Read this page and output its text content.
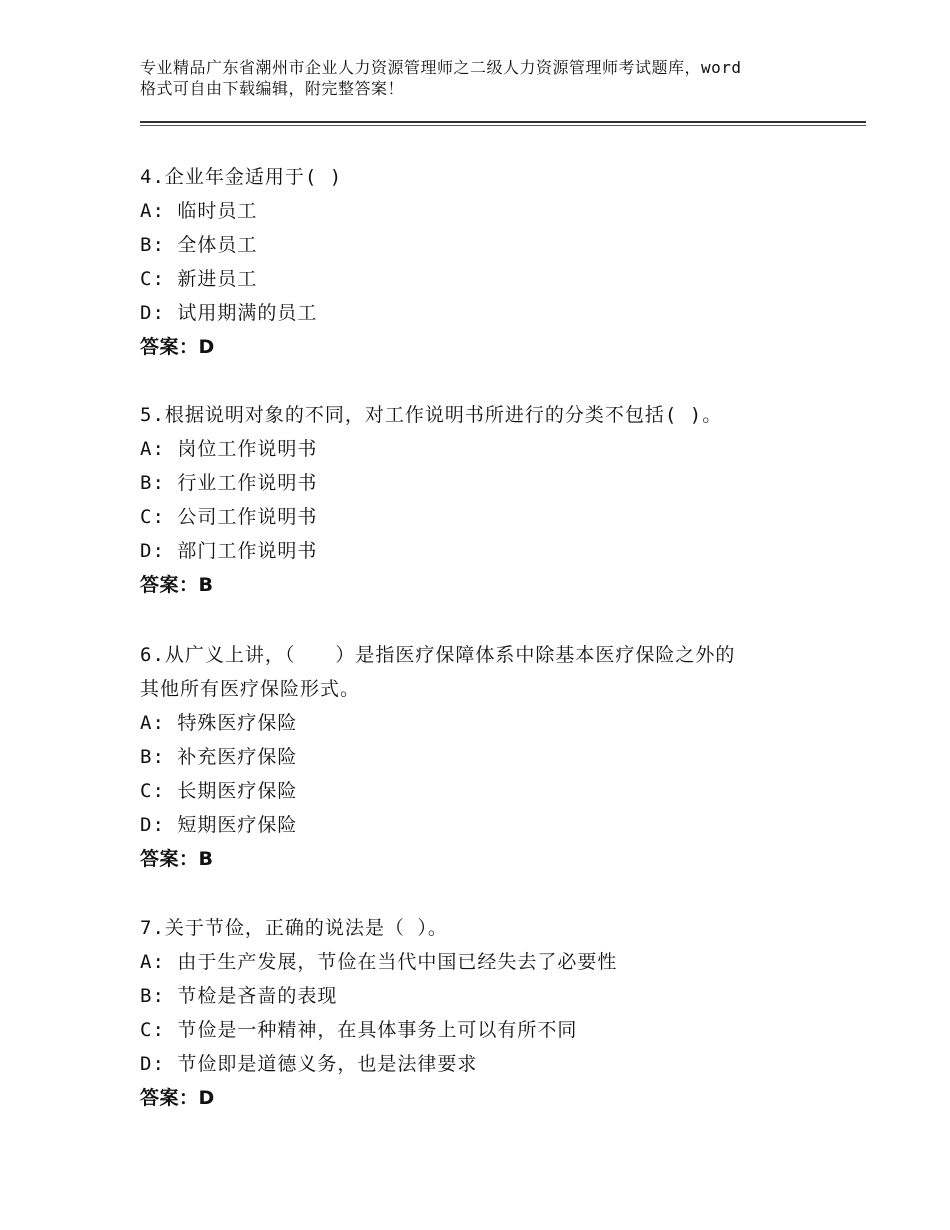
专业精品广东省潮州市企业人力资源管理师之二级人力资源管理师考试题库，word
格式可自由下载编辑，附完整答案！
4.企业年金适用于( )
A: 临时员工
B: 全体员工
C: 新进员工
D: 试用期满的员工
答案：D
5.根据说明对象的不同，对工作说明书所进行的分类不包括( )。
A: 岗位工作说明书
B: 行业工作说明书
C: 公司工作说明书
D: 部门工作说明书
答案：B
6.从广义上讲，（　　）是指医疗保障体系中除基本医疗保险之外的
其他所有医疗保险形式。
A: 特殊医疗保险
B: 补充医疗保险
C: 长期医疗保险
D: 短期医疗保险
答案：B
7.关于节俭，正确的说法是（ ）。
A: 由于生产发展，节俭在当代中国已经失去了必要性
B: 节检是吝啬的表现
C: 节俭是一种精神，在具体事务上可以有所不同
D: 节俭即是道德义务，也是法律要求
答案：D
